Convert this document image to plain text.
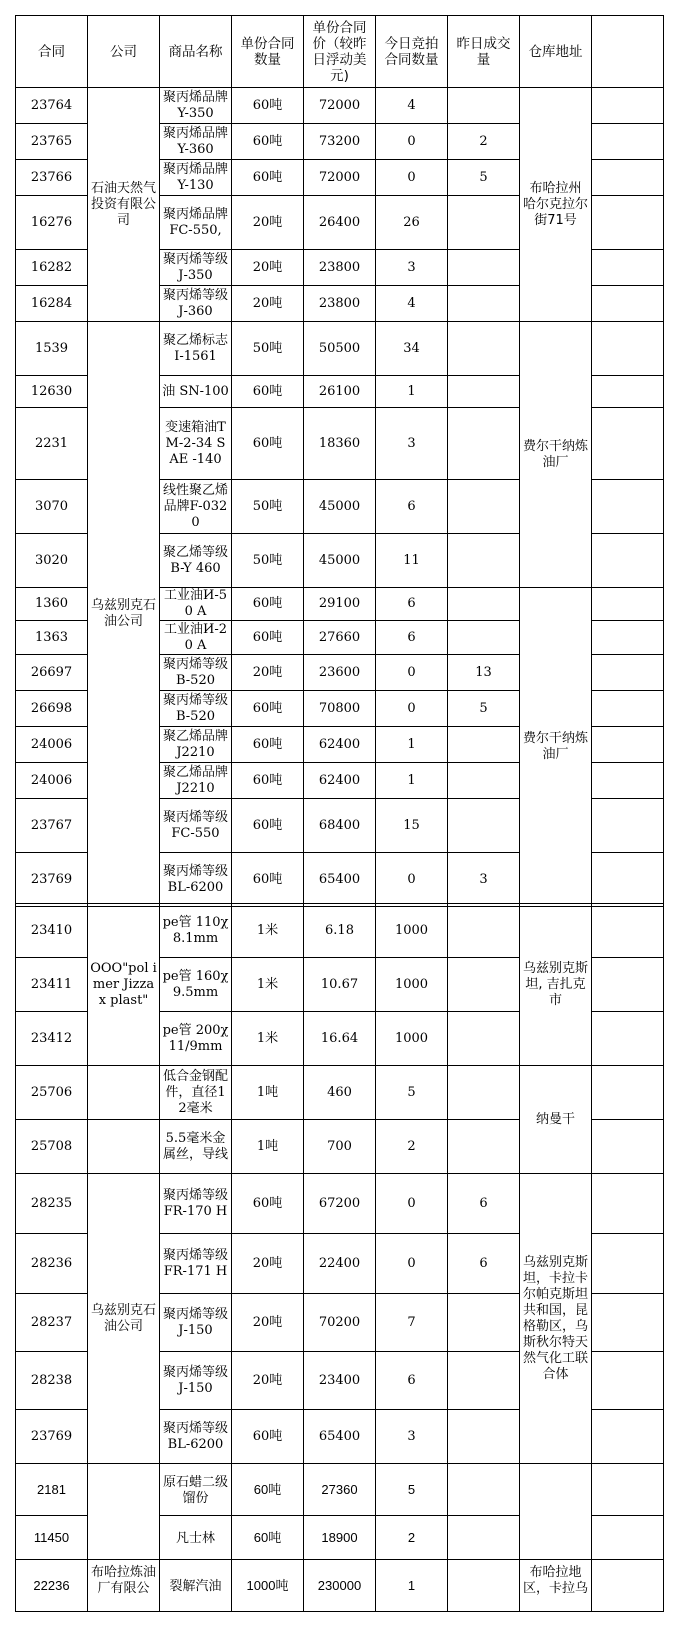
合同	公司	商品名称	单份合同数量	单份合同价（较昨日浮动美元)	今日竞拍合同数量	昨日成交量	仓库地址	
23764	石油天然气投资有限公司	聚丙烯品牌Y-350	60吨	72000	4		布哈拉州 哈尔克拉尔街71号	
23765		聚丙烯品牌Y-360	60吨	73200	0	2		
23766		聚丙烯品牌Y-130	60吨	72000	0	5		
16276		聚丙烯品牌FC-550,	20吨	26400	26			
16282		聚丙烯等级J-350	20吨	23800	3			
16284		聚丙烯等级J-360	20吨	23800	4			
1539	乌兹别克石油公司	聚乙烯标志I-1561	50吨	50500	34		费尔干纳炼油厂	
12630		油 SN-100	60吨	26100	1			
2231		变速箱油TM-2-34 SAE -140	60吨	18360	3			
3070		线性聚乙烯品牌F-0320	50吨	45000	6			
3020		聚乙烯等级B-Y 460	50吨	45000	11			
1360		工业油И-50 A	60吨	29100	6		费尔干纳炼油厂	
1363		工业油И-20 A	60吨	27660	6			
26697		聚丙烯等级B-520	20吨	23600	0	13		
26698		聚丙烯等级B-520	60吨	70800	0	5		
24006		聚乙烯品牌J2210	60吨	62400	1			
24006		聚乙烯品牌J2210	60吨	62400	1			
23767		聚丙烯等级FC-550	60吨	68400	15			
23769		聚丙烯等级BL-6200	60吨	65400	0	3		
23410	OOO"pol imer Jizzax plast"	pe管 110χ 8.1mm	1米	6.18	1000		乌兹别克斯坦, 吉扎克市	
23411		pe管 160χ 9.5mm	1米	10.67	1000			
23412		pe管 200χ 11/9mm	1米	16.64	1000			
25706		低合金钢配件，直径12毫米	1吨	460	5		纳曼干	
25708		5.5毫米金属丝，导线	1吨	700	2			
28235	乌兹别克石油公司	聚丙烯等级 FR-170 H	60吨	67200	0	6	乌兹别克斯坦，卡拉卡尔帕克斯坦共和国，昆格勒区，乌斯秋尔特天然气化工联合体	
28236		聚丙烯等级 FR-171 H	20吨	22400	0	6		
28237		聚丙烯等级 J-150	20吨	70200	7			
28238		聚丙烯等级 J-150	20吨	23400	6			
23769		聚丙烯等级BL-6200	60吨	65400	3			
2181		原石蜡二级馏份	60吨	27360	5			
11450		凡士林	60吨	18900	2			
22236	布哈拉炼油厂有限公	裂解汽油	1000吨	230000	1		布哈拉地区，卡拉乌	
